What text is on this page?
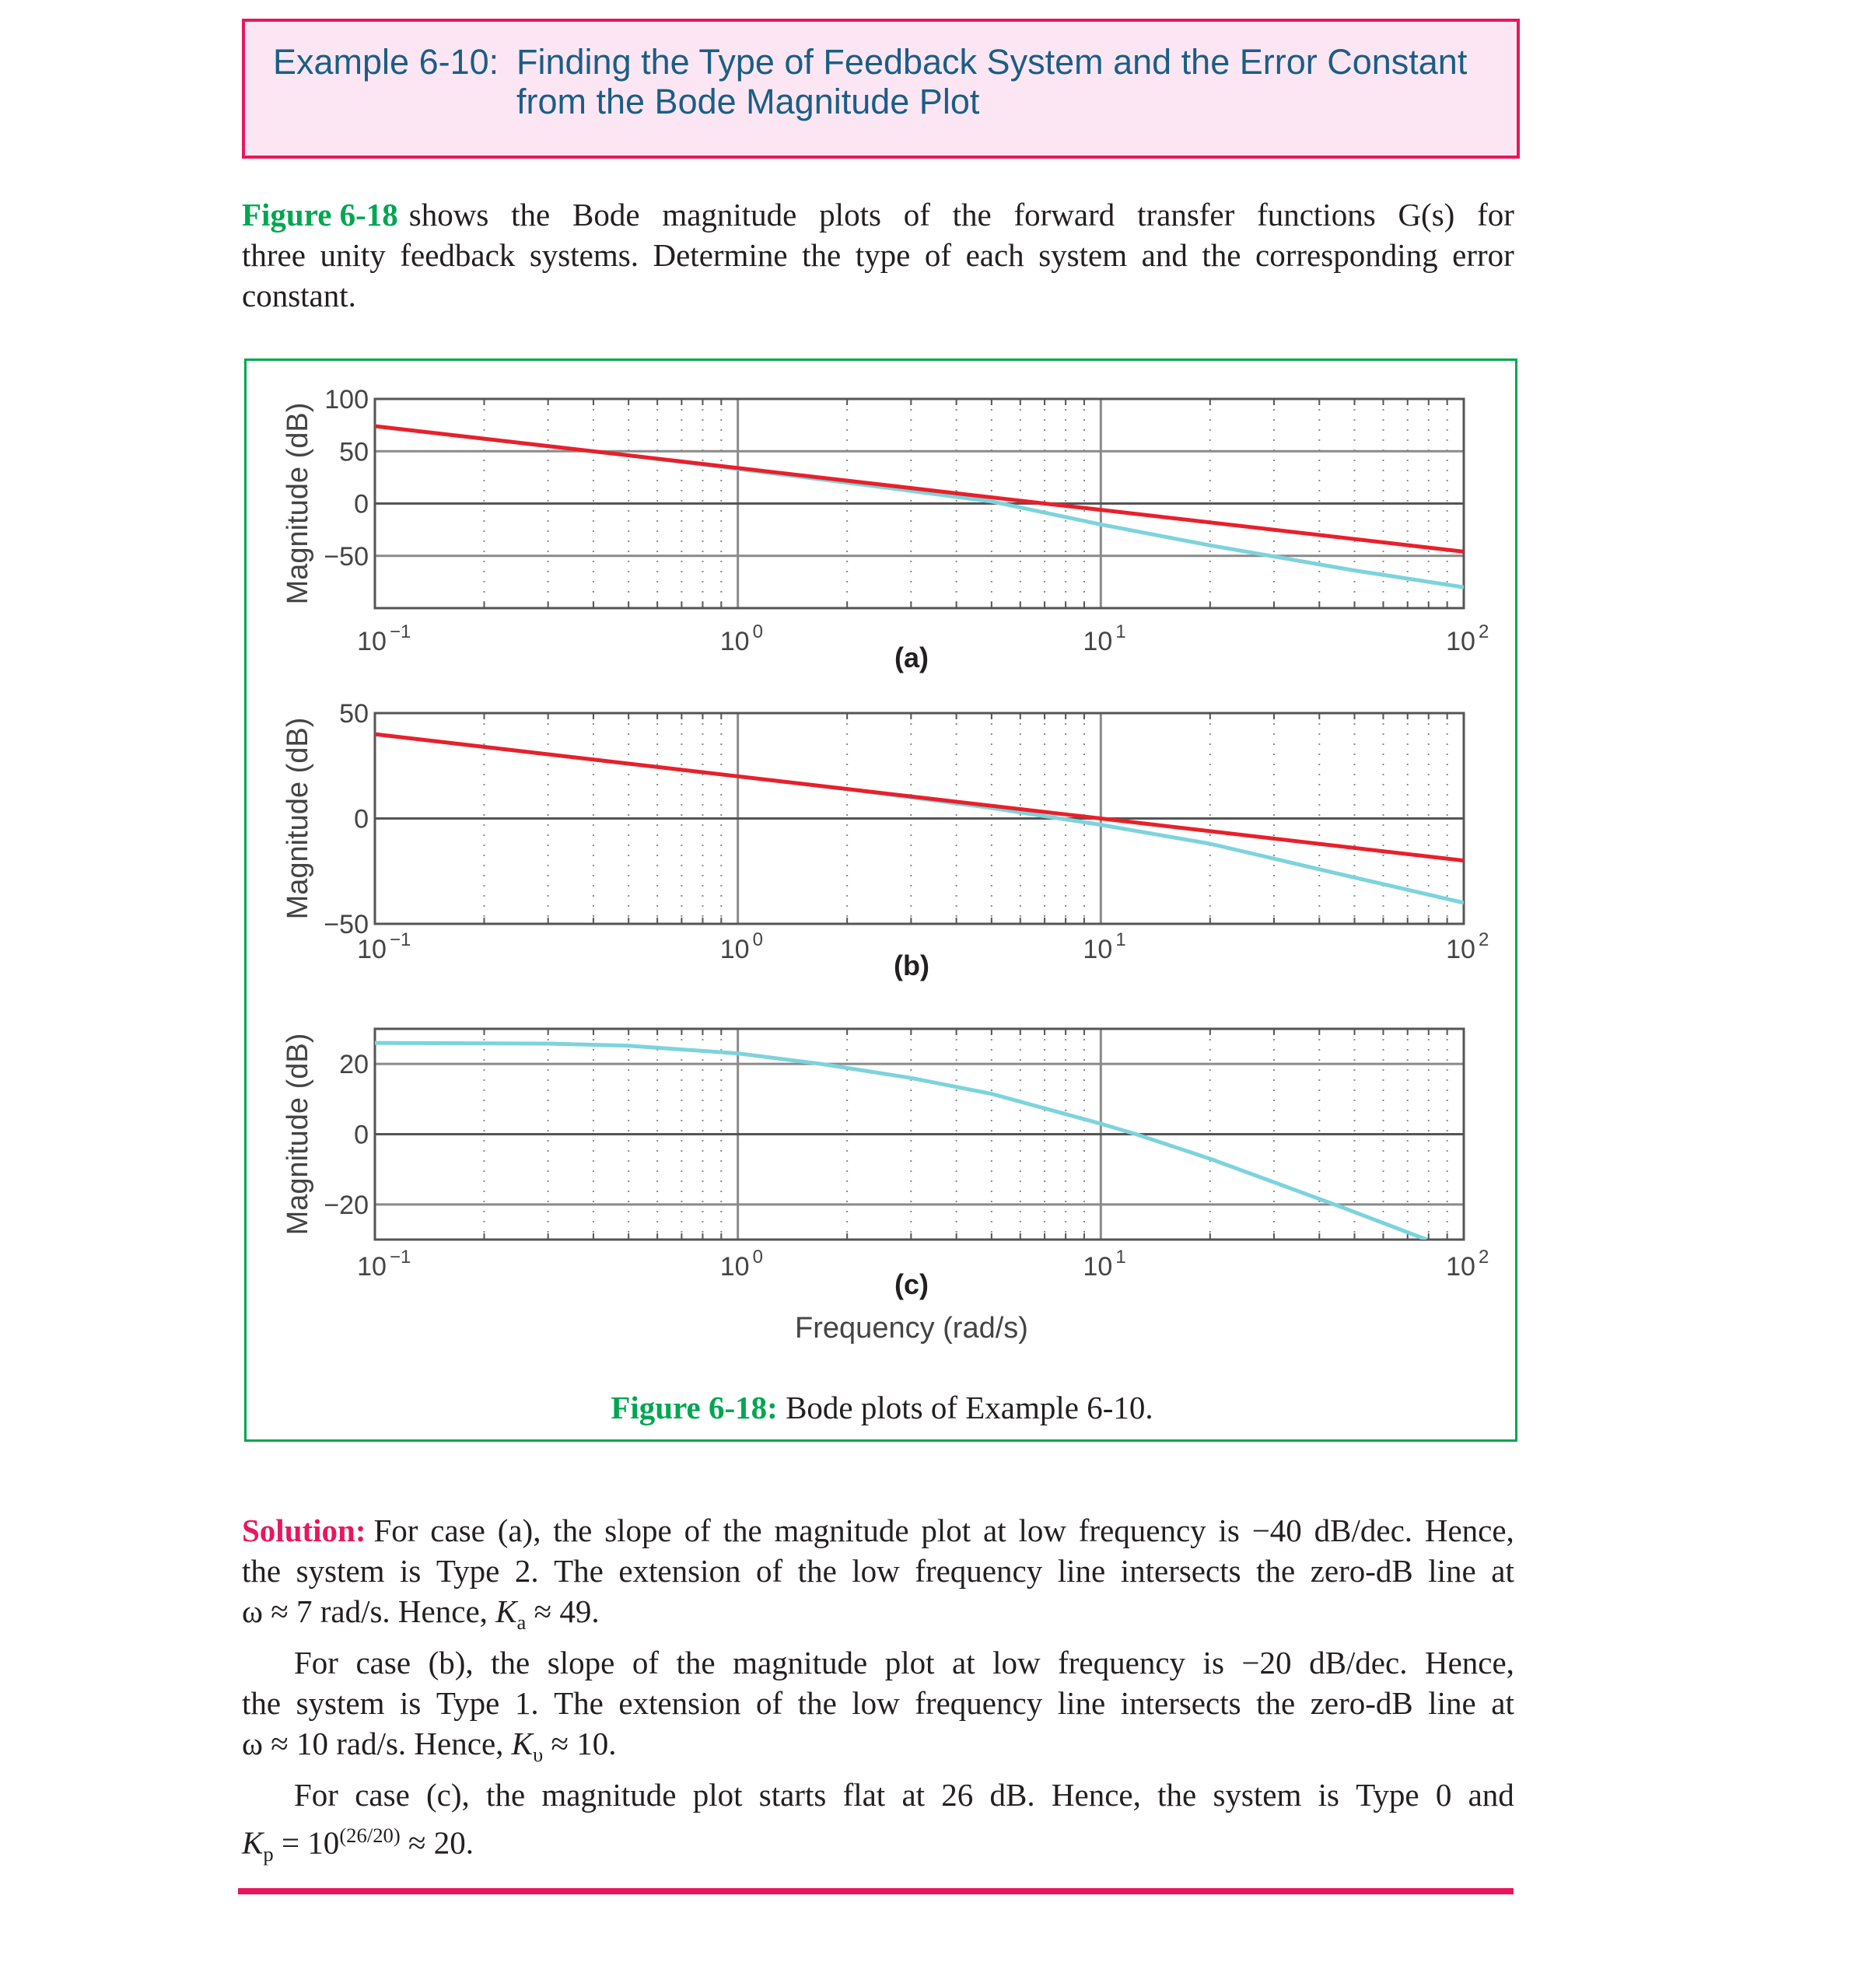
Example 6-10: Finding the Type of Feedback System and the Error Constant
from the Bode Magnitude Plot
Figure 6-18 shows the Bode magnitude plots of the forward transfer functions G(s) for
three unity feedback systems. Determine the type of each system and the corresponding error
constant.
100
50
0
−50
Magnitude (dB)
10 −1	10 0	10 1	10 2
(a)
50
0
−50
Magnitude (dB)
10 −1	10 0	10 1	10 2
(b)
20
0
−20
Magnitude (dB)
10 −1	10 0	10 1	10 2
(c)
Frequency (rad/s)
Figure 6-18: Bode plots of Example 6-10.
Solution: For case (a), the slope of the magnitude plot at low frequency is −40 dB/dec. Hence,
the system is Type 2. The extension of the low frequency line intersects the zero-dB line at
ω ≈ 7 rad/s. Hence, $K_a \approx 49$.
For case (b), the slope of the magnitude plot at low frequency is −20 dB/dec. Hence,
the system is Type 1. The extension of the low frequency line intersects the zero-dB line at
ω ≈ 10 rad/s. Hence, $K_\upsilon \approx 10$.
For case (c), the magnitude plot starts flat at 26 dB. Hence, the system is Type 0 and
$K_p = 10^{(26/20)} \approx 20$.
